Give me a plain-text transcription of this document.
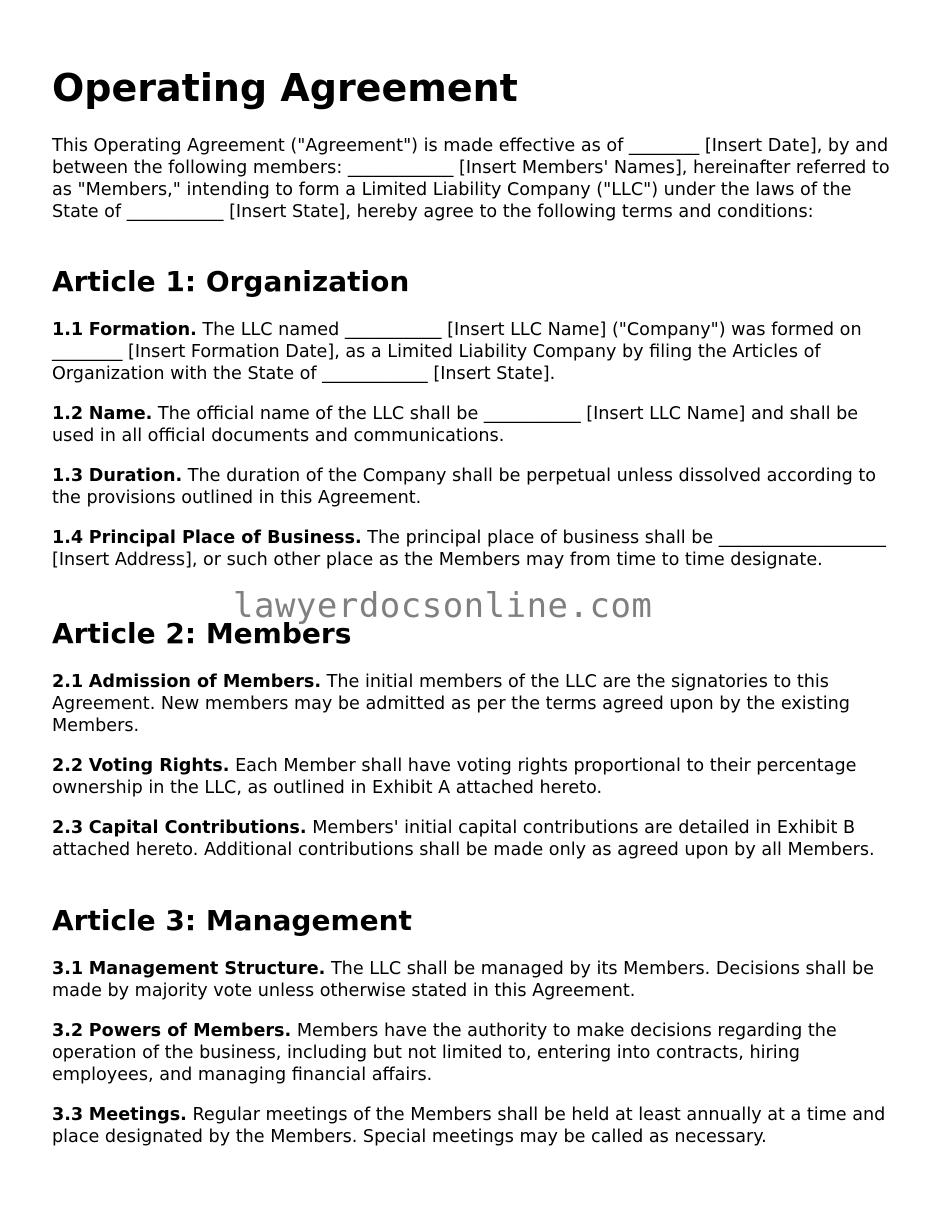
Operating Agreement

This Operating Agreement ("Agreement") is made effective as of ________ [Insert Date], by and between the following members: ____________ [Insert Members' Names], hereinafter referred to as "Members," intending to form a Limited Liability Company ("LLC") under the laws of the State of ___________ [Insert State], hereby agree to the following terms and conditions:

Article 1: Organization

1.1 Formation. The LLC named ___________ [Insert LLC Name] ("Company") was formed on ________ [Insert Formation Date], as a Limited Liability Company by filing the Articles of Organization with the State of ____________ [Insert State].

1.2 Name. The official name of the LLC shall be ___________ [Insert LLC Name] and shall be used in all official documents and communications.

1.3 Duration. The duration of the Company shall be perpetual unless dissolved according to the provisions outlined in this Agreement.

1.4 Principal Place of Business. The principal place of business shall be ___________________ [Insert Address], or such other place as the Members may from time to time designate.

Article 2: Members

2.1 Admission of Members. The initial members of the LLC are the signatories to this Agreement. New members may be admitted as per the terms agreed upon by the existing Members.

2.2 Voting Rights. Each Member shall have voting rights proportional to their percentage ownership in the LLC, as outlined in Exhibit A attached hereto.

2.3 Capital Contributions. Members' initial capital contributions are detailed in Exhibit B attached hereto. Additional contributions shall be made only as agreed upon by all Members.

Article 3: Management

3.1 Management Structure. The LLC shall be managed by its Members. Decisions shall be made by majority vote unless otherwise stated in this Agreement.

3.2 Powers of Members. Members have the authority to make decisions regarding the operation of the business, including but not limited to, entering into contracts, hiring employees, and managing financial affairs.

3.3 Meetings. Regular meetings of the Members shall be held at least annually at a time and place designated by the Members. Special meetings may be called as necessary.

lawyerdocsonline.com
